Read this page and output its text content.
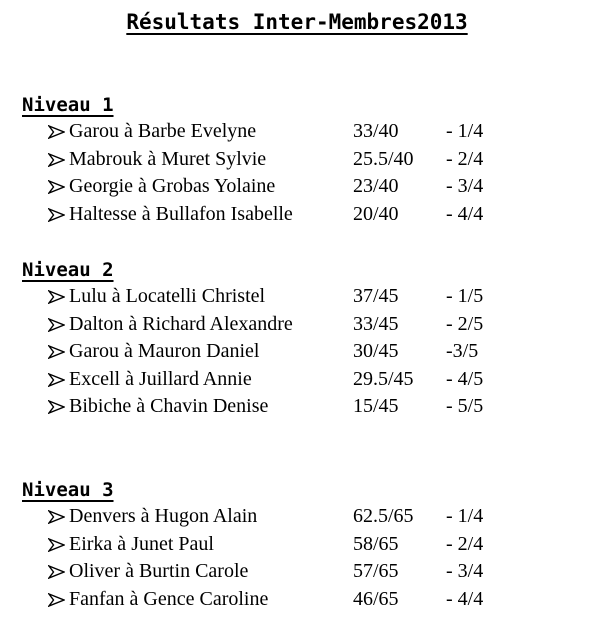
Résultats Inter-Membres2013
Niveau 1
Garou à Barbe Evelyne	33/40 - 1/4
Mabrouk à Muret Sylvie	25.5/40 - 2/4
Georgie à Grobas Yolaine	23/40 - 3/4
Haltesse à Bullafon Isabelle	20/40 - 4/4
Niveau 2
Lulu à Locatelli Christel	37/45 - 1/5
Dalton à Richard Alexandre	33/45 - 2/5
Garou à Mauron Daniel	30/45 -3/5
Excell à Juillard Annie	29.5/45 - 4/5
Bibiche à Chavin Denise	15/45 - 5/5
Niveau 3
Denvers à Hugon Alain	62.5/65 - 1/4
Eirka à Junet Paul	58/65 - 2/4
Oliver à Burtin Carole	57/65 - 3/4
Fanfan à Gence Caroline	46/65 - 4/4
